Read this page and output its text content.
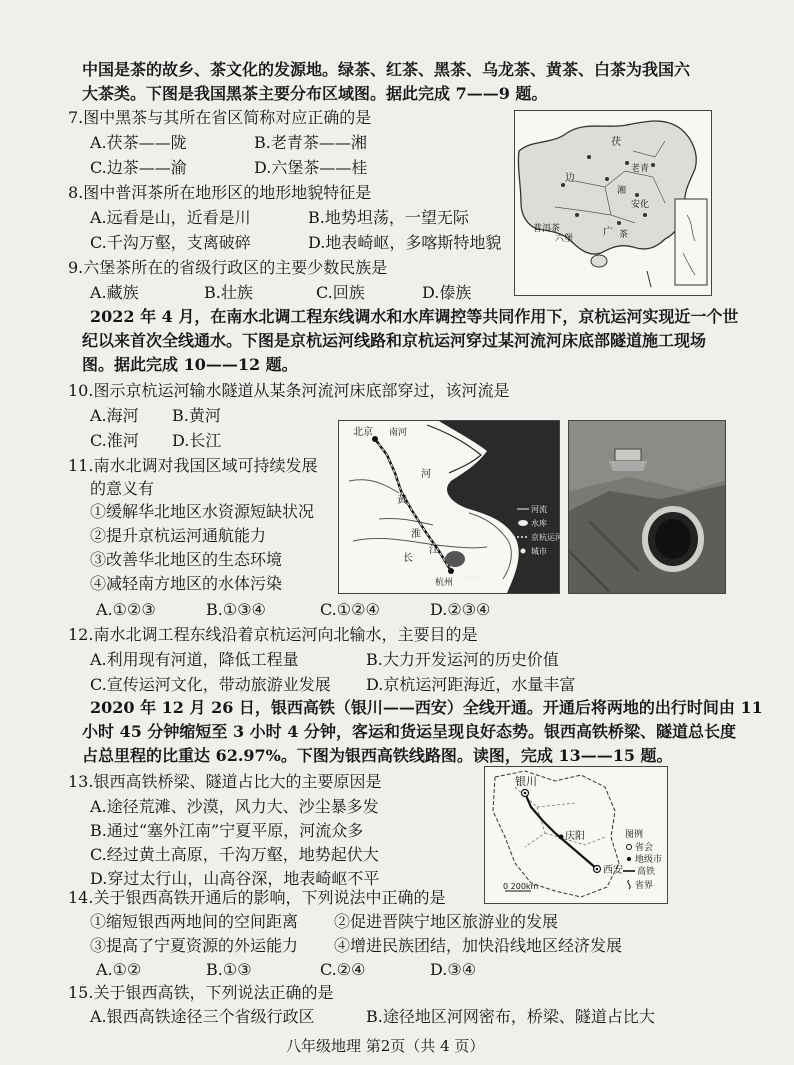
中国是茶的故乡、茶文化的发源地。绿茶、红茶、黑茶、乌龙茶、黄茶、白茶为我国六
大茶类。下图是我国黑茶主要分布区域图。据此完成 7——9 题。
7.图中黑茶与其所在省区简称对应正确的是
A.茯茶——陇	B.老青茶——湘
C.边茶——渝	D.六堡茶——桂
8.图中普洱茶所在地形区的地形地貌特征是
A.远看是山，近看是川	B.地势坦荡，一望无际
C.千沟万壑，支离破碎	D.地表崎岖，多喀斯特地貌
9.六堡茶所在的省级行政区的主要少数民族是
A.藏族	B.壮族	C.回族	D.傣族
边
普洱茶
茯
老青
安化
广
六堡
湘
茶
2022 年 4 月，在南水北调工程东线调水和水库调控等共同作用下，京杭运河实现近一个世
纪以来首次全线通水。下图是京杭运河线路和京杭运河穿过某河流河床底部隧道施工现场
图。据此完成 10——12 题。
10.图示京杭运河输水隧道从某条河流河床底部穿过，该河流是
A.海河 B.黄河
C.淮河 D.长江
11.南水北调对我国区域可持续发展
的意义有
①缓解华北地区水资源短缺状况
②提升京杭运河通航能力
③改善华北地区的生态环境
④减轻南方地区的水体污染
A.①②③	B.①③④	C.①②④	D.②③④
北京 南河
河
黄
淮
长
江
杭州 钱塘江
河流
水库
京杭运河
城市
12.南水北调工程东线沿着京杭运河向北输水，主要目的是
A.利用现有河道，降低工程量	B.大力开发运河的历史价值
C.宣传运河文化，带动旅游业发展 D.京杭运河距海近，水量丰富
2020 年 12 月 26 日，银西高铁（银川——西安）全线开通。开通后将两地的出行时间由 11
小时 45 分钟缩短至 3 小时 4 分钟，客运和货运呈现良好态势。银西高铁桥梁、隧道总长度
占总里程的比重达 62.97%。下图为银西高铁线路图。读图，完成 13——15 题。
13.银西高铁桥梁、隧道占比大的主要原因是
A.途径荒滩、沙漠，风力大、沙尘暴多发
B.通过“塞外江南”宁夏平原，河流众多
C.经过黄土高原，千沟万壑，地势起伏大
D.穿过太行山，山高谷深，地表崎岖不平
银川
庆阳
西安
0 200km
图例
省会
地级市
高铁
省界
14.关于银西高铁开通后的影响，下列说法中正确的是
①缩短银西两地间的空间距离 ②促进晋陕宁地区旅游业的发展
③提高了宁夏资源的外运能力 ④增进民族团结，加快沿线地区经济发展
A.①②	B.①③	C.②④	D.③④
15.关于银西高铁，下列说法正确的是
A.银西高铁途径三个省级行政区	B.途径地区河网密布，桥梁、隧道占比大
八年级地理 第2页（共 4 页）
